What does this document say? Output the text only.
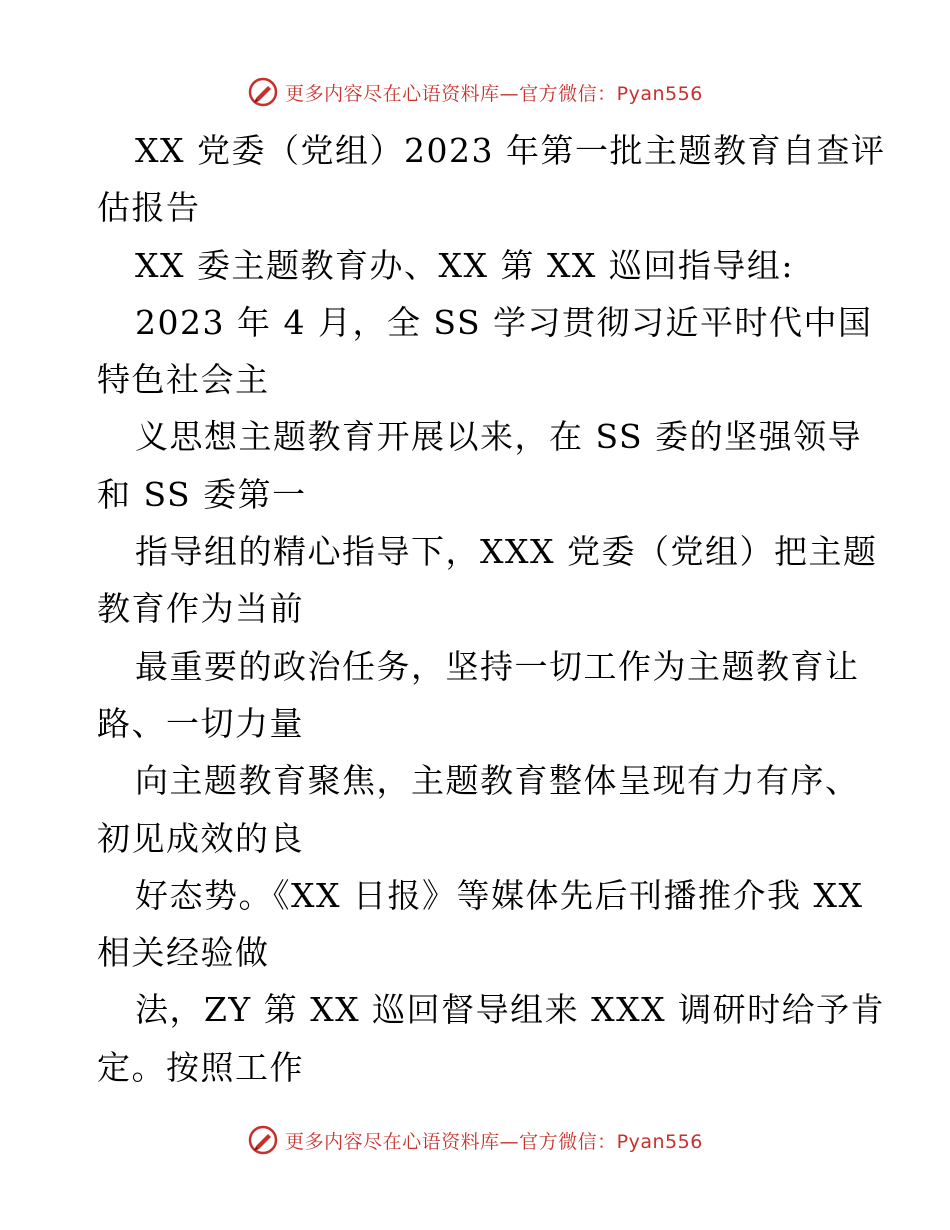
更多内容尽在心语资料库—官方微信：Pyan556
XX 党委（党组）2023 年第一批主题教育自查评
估报告
XX 委主题教育办、XX 第 XX 巡回指导组:
2023 年 4 月，全 SS 学习贯彻习近平时代中国
特色社会主
义思想主题教育开展以来，在 SS 委的坚强领导
和 SS 委第一
指导组的精心指导下，XXX 党委（党组）把主题
教育作为当前
最重要的政治任务，坚持一切工作为主题教育让
路、一切力量
向主题教育聚焦，主题教育整体呈现有力有序、
初见成效的良
好态势。《XX 日报》等媒体先后刊播推介我 XX
相关经验做
法，ZY 第 XX 巡回督导组来 XXX 调研时给予肯
定。按照工作
更多内容尽在心语资料库—官方微信：Pyan556
